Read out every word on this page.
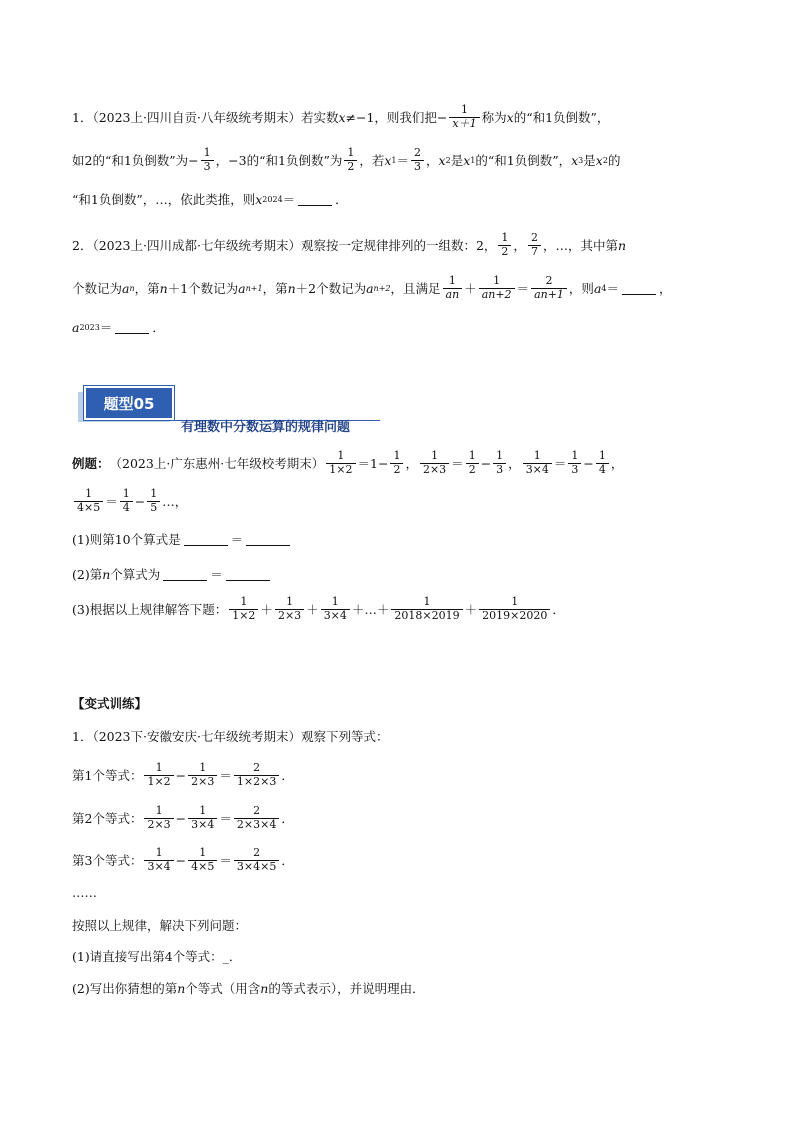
1．（2023上·四川自贡·八年级统考期末）若实数 x ≠−1，则我们把− $\frac{1}{x+1}$ 称为 x 的“和1负倒数”，
如2的“和1负倒数”为− $\frac{1}{3}$ ，−3的“和1负倒数”为 $\frac{1}{2}$ ，若 x $1 = \frac{2}{3}$ ， x 2 是 x 1 的“和1负倒数”， x 3 是 x 2 的
“和1负倒数”，…，依此类推，则 x 2024 ＝	．
2．（2023上·四川成都·七年级统考期末）观察按一定规律排列的一组数：2， $\frac{1}{2}$ ， $\frac{2}{7}$ ，…，其中第 n
个数记为 a n ，第 n ＋1个数记为 a n+1 ，第 n ＋2个数记为 a n+2 ，且满足 $\frac{1}{an} + \frac{1}{an+2} = \frac{2}{an+1}$ ，则 a 4 ＝	，
a 2023 ＝	．
题型05
有理数中分数运算的规律问题
例题： （2023上·广东惠州·七年级校考期末） $\frac{1}{1\times 2} =1- \frac{1}{2}$ ， $\frac{1}{2\times 3} = \frac{1}{2} - \frac{1}{3}$ ， $\frac{1}{3\times 4} = \frac{1}{3} - \frac{1}{4}$ ，
$\frac{1}{4\times 5} = \frac{1}{4} - \frac{1}{5}$ …，
(1)则第10个算式是	＝
(2)第 n 个算式为	＝
(3)根据以上规律解答下题： $\frac{1}{1\times 2} + \frac{1}{2\times 3} + \frac{1}{3\times 4}$ ＋…＋ $\frac{1}{2018\times 2019} + \frac{1}{2019\times 2020}$ ．
【变式训练】
1．（2023下·安徽安庆·七年级统考期末）观察下列等式：
第1个等式： $\frac{1}{1\times 2} - \frac{1}{2\times 3} = \frac{2}{1\times 2\times 3}$ ．
第2个等式： $\frac{1}{2\times 3} - \frac{1}{3\times 4} = \frac{2}{2\times 3\times 4}$ ．
第3个等式： $\frac{1}{3\times 4} - \frac{1}{4\times 5} = \frac{2}{3\times 4\times 5}$ ．
……
按照以上规律，解决下列问题：
(1)请直接写出第4个等式：_．
(2)写出你猜想的第 n 个等式（用含 n 的等式表示），并说明理由．
